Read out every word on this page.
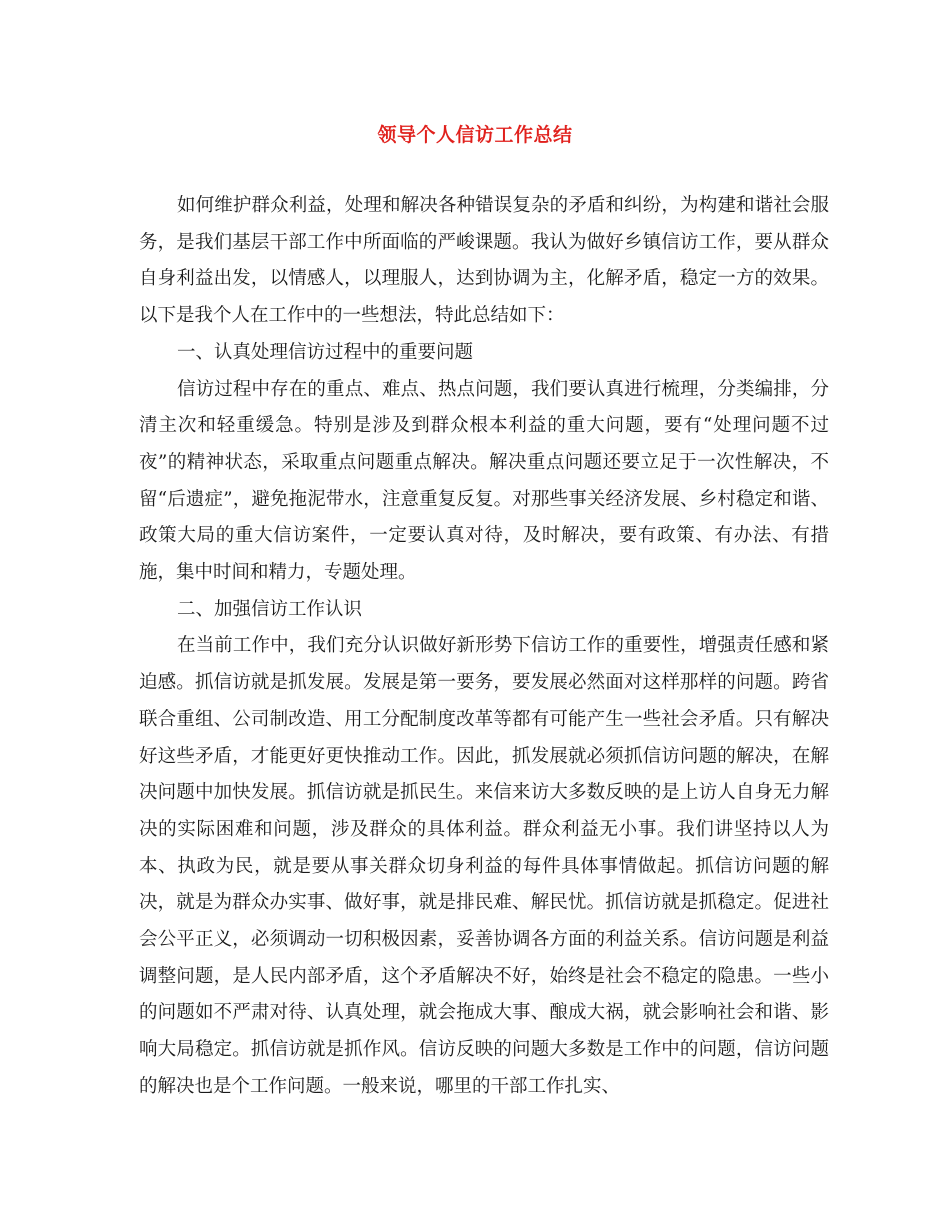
领导个人信访工作总结

如何维护群众利益，处理和解决各种错误复杂的矛盾和纠纷，为构建和谐社会服务，是我们基层干部工作中所面临的严峻课题。我认为做好乡镇信访工作，要从群众自身利益出发，以情感人，以理服人，达到协调为主，化解矛盾，稳定一方的效果。以下是我个人在工作中的一些想法，特此总结如下：

一、认真处理信访过程中的重要问题

信访过程中存在的重点、难点、热点问题，我们要认真进行梳理，分类编排，分清主次和轻重缓急。特别是涉及到群众根本利益的重大问题，要有“处理问题不过夜”的精神状态，采取重点问题重点解决。解决重点问题还要立足于一次性解决，不留“后遗症”，避免拖泥带水，注意重复反复。对那些事关经济发展、乡村稳定和谐、政策大局的重大信访案件，一定要认真对待，及时解决，要有政策、有办法、有措施，集中时间和精力，专题处理。

二、加强信访工作认识

在当前工作中，我们充分认识做好新形势下信访工作的重要性，增强责任感和紧迫感。抓信访就是抓发展。发展是第一要务，要发展必然面对这样那样的问题。跨省联合重组、公司制改造、用工分配制度改革等都有可能产生一些社会矛盾。只有解决好这些矛盾，才能更好更快推动工作。因此，抓发展就必须抓信访问题的解决，在解决问题中加快发展。抓信访就是抓民生。来信来访大多数反映的是上访人自身无力解决的实际困难和问题，涉及群众的具体利益。群众利益无小事。我们讲坚持以人为本、执政为民，就是要从事关群众切身利益的每件具体事情做起。抓信访问题的解决，就是为群众办实事、做好事，就是排民难、解民忧。抓信访就是抓稳定。促进社会公平正义，必须调动一切积极因素，妥善协调各方面的利益关系。信访问题是利益调整问题，是人民内部矛盾，这个矛盾解决不好，始终是社会不稳定的隐患。一些小的问题如不严肃对待、认真处理，就会拖成大事、酿成大祸，就会影响社会和谐、影响大局稳定。抓信访就是抓作风。信访反映的问题大多数是工作中的问题，信访问题的解决也是个工作问题。一般来说，哪里的干部工作扎实、
